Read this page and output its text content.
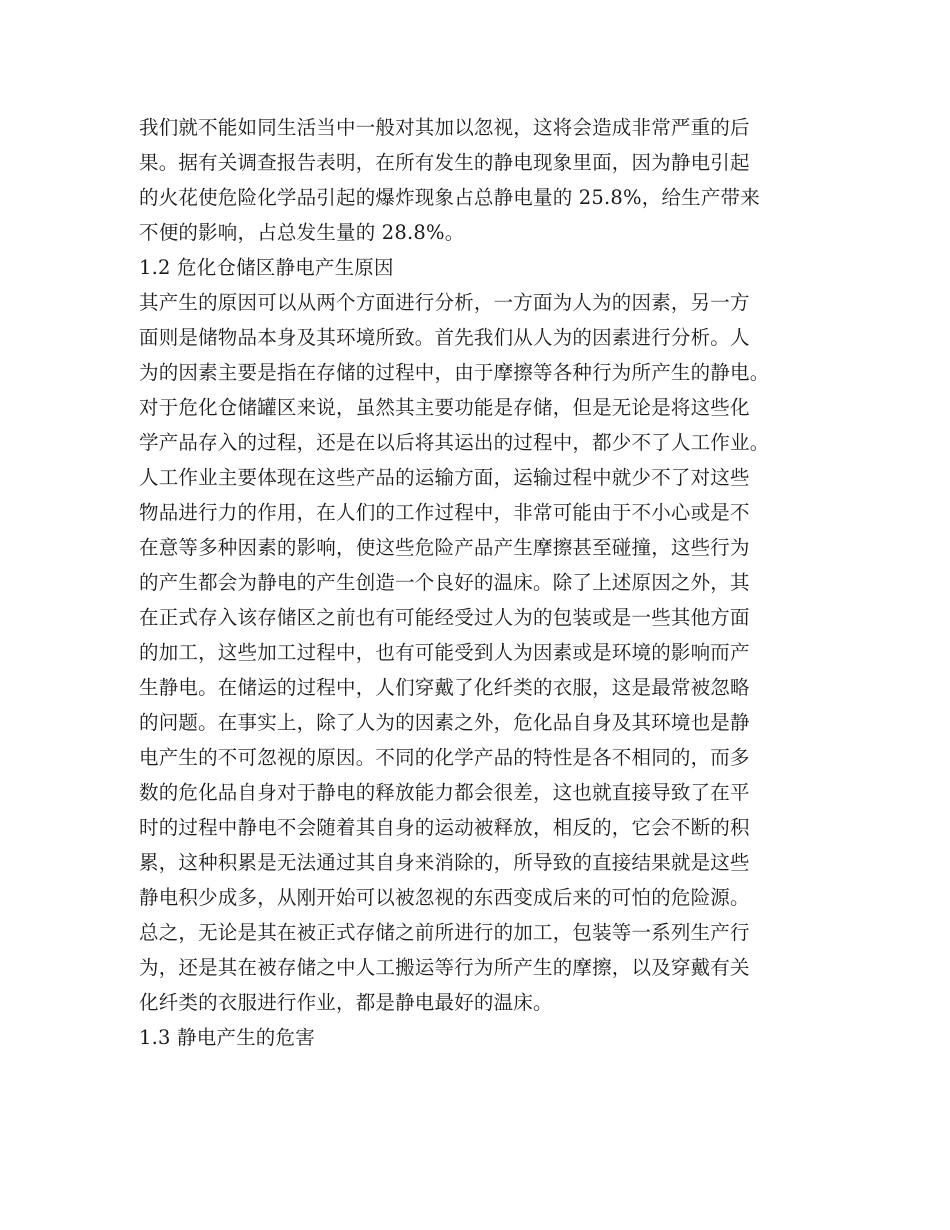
我们就不能如同生活当中一般对其加以忽视，这将会造成非常严重的后
果。据有关调查报告表明，在所有发生的静电现象里面，因为静电引起
的火花使危险化学品引起的爆炸现象占总静电量的 25.8%，给生产带来
不便的影响，占总发生量的 28.8%。
1.2 危化仓储区静电产生原因
其产生的原因可以从两个方面进行分析，一方面为人为的因素，另一方
面则是储物品本身及其环境所致。首先我们从人为的因素进行分析。人
为的因素主要是指在存储的过程中，由于摩擦等各种行为所产生的静电。
对于危化仓储罐区来说，虽然其主要功能是存储，但是无论是将这些化
学产品存入的过程，还是在以后将其运出的过程中，都少不了人工作业。
人工作业主要体现在这些产品的运输方面，运输过程中就少不了对这些
物品进行力的作用，在人们的工作过程中，非常可能由于不小心或是不
在意等多种因素的影响，使这些危险产品产生摩擦甚至碰撞，这些行为
的产生都会为静电的产生创造一个良好的温床。除了上述原因之外，其
在正式存入该存储区之前也有可能经受过人为的包装或是一些其他方面
的加工，这些加工过程中，也有可能受到人为因素或是环境的影响而产
生静电。在储运的过程中，人们穿戴了化纤类的衣服，这是最常被忽略
的问题。在事实上，除了人为的因素之外，危化品自身及其环境也是静
电产生的不可忽视的原因。不同的化学产品的特性是各不相同的，而多
数的危化品自身对于静电的释放能力都会很差，这也就直接导致了在平
时的过程中静电不会随着其自身的运动被释放，相反的，它会不断的积
累，这种积累是无法通过其自身来消除的，所导致的直接结果就是这些
静电积少成多，从刚开始可以被忽视的东西变成后来的可怕的危险源。
总之，无论是其在被正式存储之前所进行的加工，包装等一系列生产行
为，还是其在被存储之中人工搬运等行为所产生的摩擦，以及穿戴有关
化纤类的衣服进行作业，都是静电最好的温床。
1.3 静电产生的危害
